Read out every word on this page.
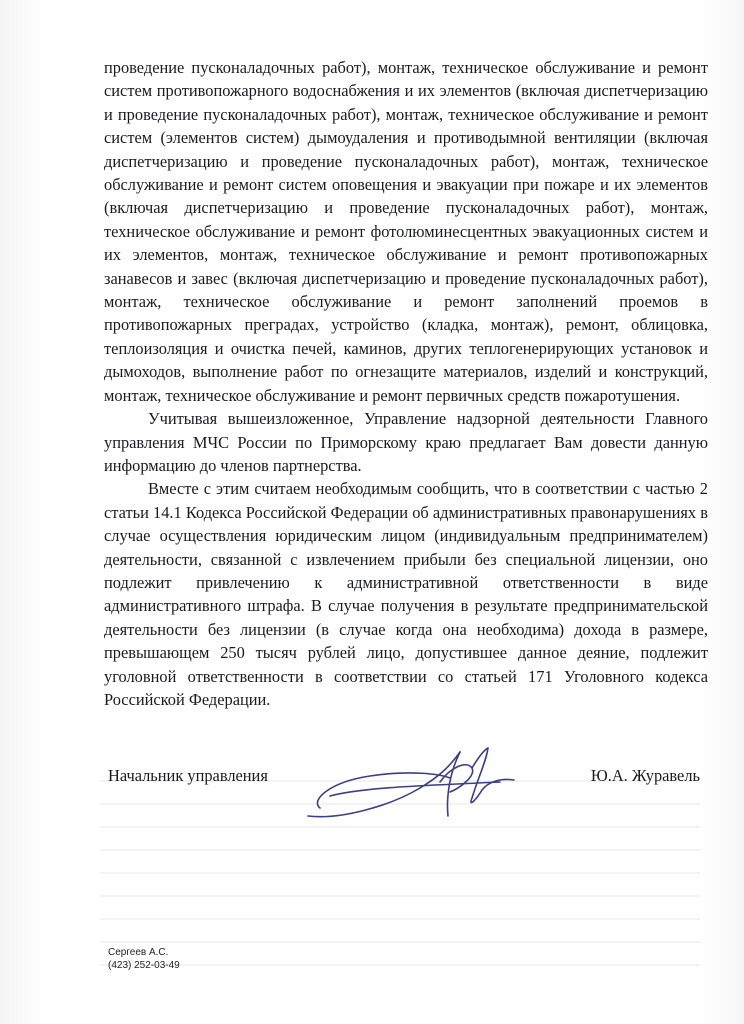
проведение пусконаладочных работ), монтаж, техническое обслуживание и ремонт систем противопожарного водоснабжения и их элементов (включая диспетчеризацию и проведение пусконаладочных работ), монтаж, техническое обслуживание и ремонт систем (элементов систем) дымоудаления и противодымной вентиляции (включая диспетчеризацию и проведение пусконаладочных работ), монтаж, техническое обслуживание и ремонт систем оповещения и эвакуации при пожаре и их элементов (включая диспетчеризацию и проведение пусконаладочных работ), монтаж, техническое обслуживание и ремонт фотолюминесцентных эвакуационных систем и их элементов, монтаж, техническое обслуживание и ремонт противопожарных занавесов и завес (включая диспетчеризацию и проведение пусконаладочных работ), монтаж, техническое обслуживание и ремонт заполнений проемов в противопожарных преградах, устройство (кладка, монтаж), ремонт, облицовка, теплоизоляция и очистка печей, каминов, других теплогенерирующих установок и дымоходов, выполнение работ по огнезащите материалов, изделий и конструкций, монтаж, техническое обслуживание и ремонт первичных средств пожаротушения.

Учитывая вышеизложенное, Управление надзорной деятельности Главного управления МЧС России по Приморскому краю предлагает Вам довести данную информацию до членов партнерства.

Вместе с этим считаем необходимым сообщить, что в соответствии с частью 2 статьи 14.1 Кодекса Российской Федерации об административных правонарушениях в случае осуществления юридическим лицом (индивидуальным предпринимателем) деятельности, связанной с извлечением прибыли без специальной лицензии, оно подлежит привлечению к административной ответственности в виде административного штрафа. В случае получения в результате предпринимательской деятельности без лицензии (в случае когда она необходима) дохода в размере, превышающем 250 тысяч рублей лицо, допустившее данное деяние, подлежит уголовной ответственности в соответствии со статьей 171 Уголовного кодекса Российской Федерации.

Начальник управления	Ю.А. Журавель
Сергеев А.С.
(423) 252-03-49
